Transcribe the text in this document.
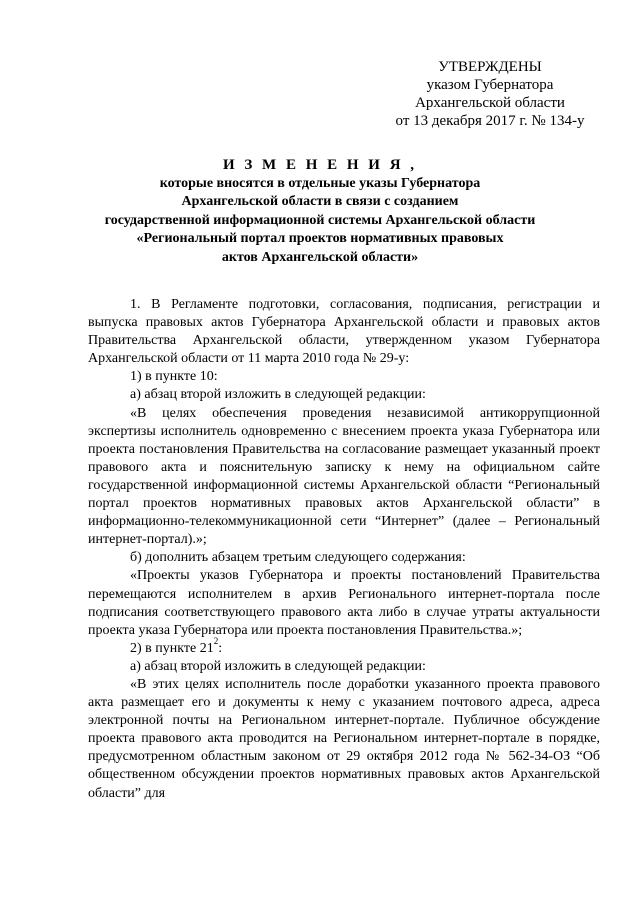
УТВЕРЖДЕНЫ
указом Губернатора
Архангельской области
от 13 декабря 2017 г. № 134-у
И З М Е Н Е Н И Я ,
которые вносятся в отдельные указы Губернатора
Архангельской области в связи с созданием
государственной информационной системы Архангельской области
«Региональный портал проектов нормативных правовых
актов Архангельской области»

1. В Регламенте подготовки, согласования, подписания, регистрации и выпуска правовых актов Губернатора Архангельской области и правовых актов Правительства Архангельской области, утвержденном указом Губернатора Архангельской области от 11 марта 2010 года № 29-у:

1) в пункте 10:

а) абзац второй изложить в следующей редакции:

«В целях обеспечения проведения независимой антикоррупционной экспертизы исполнитель одновременно с внесением проекта указа Губернатора или проекта постановления Правительства на согласование размещает указанный проект правового акта и пояснительную записку к нему на официальном сайте государственной информационной системы Архангельской области “Региональный портал проектов нормативных правовых актов Архангельской области” в информационно-телекоммуникационной сети “Интернет” (далее – Региональный интернет-портал).»;

б) дополнить абзацем третьим следующего содержания:

«Проекты указов Губернатора и проекты постановлений Правительства перемещаются исполнителем в архив Регионального интернет-портала после подписания соответствующего правового акта либо в случае утраты актуальности проекта указа Губернатора или проекта постановления Правительства.»;

2) в пункте $21^2$:

а) абзац второй изложить в следующей редакции:

«В этих целях исполнитель после доработки указанного проекта правового акта размещает его и документы к нему с указанием почтового адреса, адреса электронной почты на Региональном интернет-портале. Публичное обсуждение проекта правового акта проводится на Региональном интернет-портале в порядке, предусмотренном областным законом от 29 октября 2012 года № 562-34-ОЗ “Об общественном обсуждении проектов нормативных правовых актов Архангельской области” для
